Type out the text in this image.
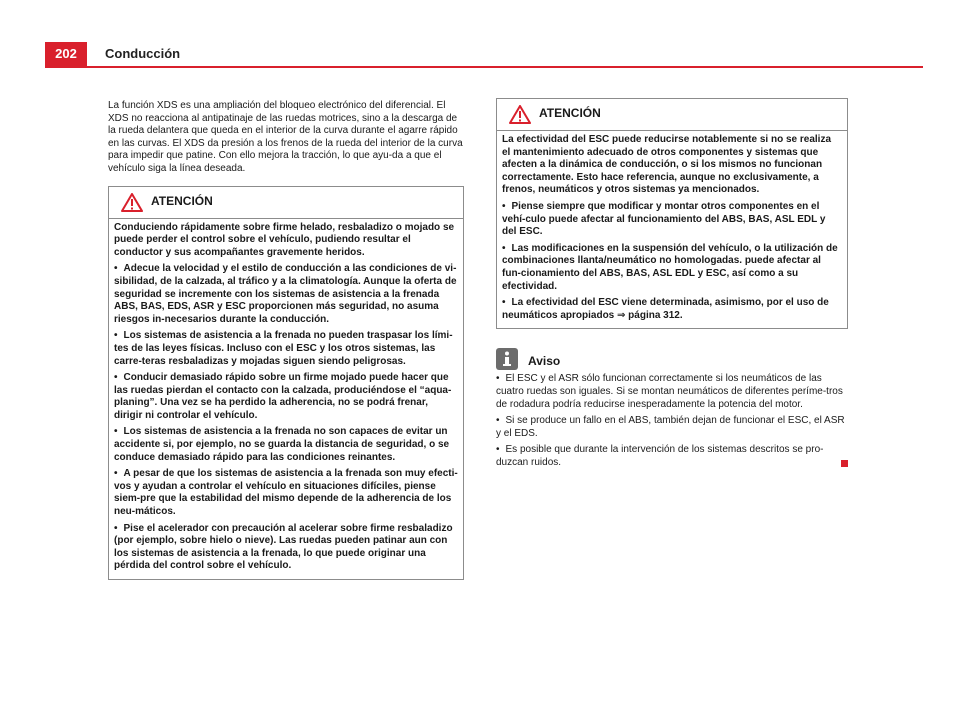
202	Conducción

La función XDS es una ampliación del bloqueo electrónico del diferencial. El XDS no reacciona al antipatinaje de las ruedas motrices, sino a la descarga de la rueda delantera que queda en el interior de la curva durante el agarre rápido en las curvas. El XDS da presión a los frenos de la rueda del interior de la curva para impedir que patine. Con ello mejora la tracción, lo que ayu-da a que el vehículo siga la línea deseada.

ATENCIÓN

Conduciendo rápidamente sobre firme helado, resbaladizo o mojado se puede perder el control sobre el vehículo, pudiendo resultar el conductor y sus acompañantes gravemente heridos.

• Adecue la velocidad y el estilo de conducción a las condiciones de vi-sibilidad, de la calzada, al tráfico y a la climatología. Aunque la oferta de seguridad se incremente con los sistemas de asistencia a la frenada ABS, BAS, EDS, ASR y ESC proporcionen más seguridad, no asuma riesgos in-necesarios durante la conducción.

• Los sistemas de asistencia a la frenada no pueden traspasar los lími-tes de las leyes físicas. Incluso con el ESC y los otros sistemas, las carre-teras resbaladizas y mojadas siguen siendo peligrosas.

• Conducir demasiado rápido sobre un firme mojado puede hacer que las ruedas pierdan el contacto con la calzada, produciéndose el “aqua-planing”. Una vez se ha perdido la adherencia, no se podrá frenar, dirigir ni controlar el vehículo.

• Los sistemas de asistencia a la frenada no son capaces de evitar un accidente si, por ejemplo, no se guarda la distancia de seguridad, o se conduce demasiado rápido para las condiciones reinantes.

• A pesar de que los sistemas de asistencia a la frenada son muy efecti-vos y ayudan a controlar el vehículo en situaciones difíciles, piense siem-pre que la estabilidad del mismo depende de la adherencia de los neu-máticos.

• Pise el acelerador con precaución al acelerar sobre firme resbaladizo (por ejemplo, sobre hielo o nieve). Las ruedas pueden patinar aun con los sistemas de asistencia a la frenada, lo que puede originar una pérdida del control sobre el vehículo.

ATENCIÓN

La efectividad del ESC puede reducirse notablemente si no se realiza el mantenimiento adecuado de otros componentes y sistemas que afecten a la dinámica de conducción, o si los mismos no funcionan correctamente. Esto hace referencia, aunque no exclusivamente, a frenos, neumáticos y otros sistemas ya mencionados.

• Piense siempre que modificar y montar otros componentes en el vehí-culo puede afectar al funcionamiento del ABS, BAS, ASL EDL y del ESC.

• Las modificaciones en la suspensión del vehículo, o la utilización de combinaciones llanta/neumático no homologadas. puede afectar al fun-cionamiento del ABS, BAS, ASL EDL y ESC, así como a su efectividad.

• La efectividad del ESC viene determinada, asimismo, por el uso de neumáticos apropiados ⇒ página 312.

Aviso

• El ESC y el ASR sólo funcionan correctamente si los neumáticos de las cuatro ruedas son iguales. Si se montan neumáticos de diferentes períme-tros de rodadura podría reducirse inesperadamente la potencia del motor.

• Si se produce un fallo en el ABS, también dejan de funcionar el ESC, el ASR y el EDS.

• Es posible que durante la intervención de los sistemas descritos se pro-duzcan ruidos.
